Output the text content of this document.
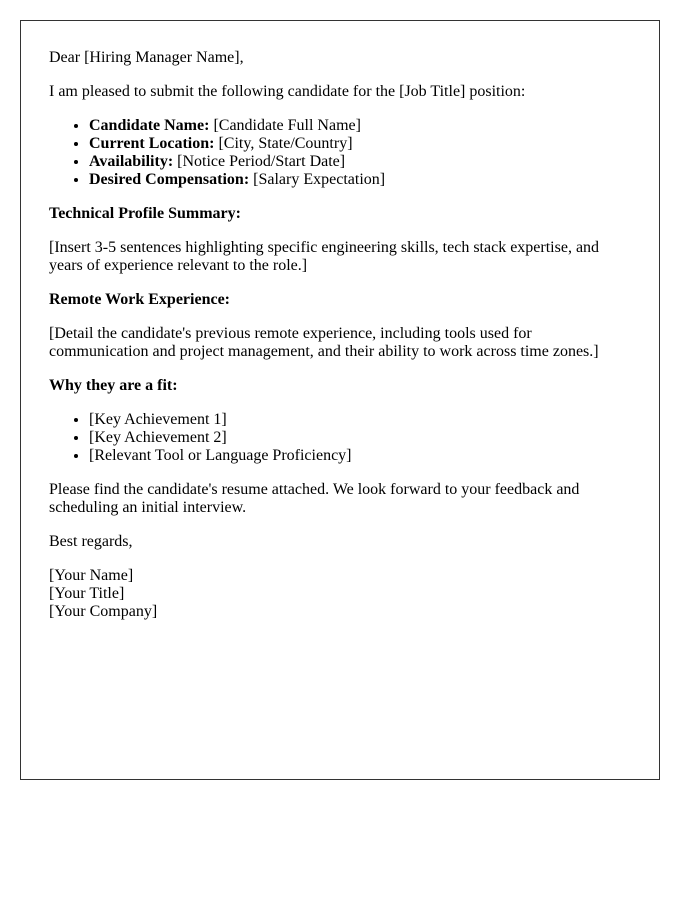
Dear [Hiring Manager Name],

I am pleased to submit the following candidate for the [Job Title] position:

• Candidate Name: [Candidate Full Name]
• Current Location: [City, State/Country]
• Availability: [Notice Period/Start Date]
• Desired Compensation: [Salary Expectation]

Technical Profile Summary:

[Insert 3-5 sentences highlighting specific engineering skills, tech stack expertise, and years of experience relevant to the role.]

Remote Work Experience:

[Detail the candidate's previous remote experience, including tools used for communication and project management, and their ability to work across time zones.]

Why they are a fit:

• [Key Achievement 1]
• [Key Achievement 2]
• [Relevant Tool or Language Proficiency]

Please find the candidate's resume attached. We look forward to your feedback and scheduling an initial interview.

Best regards,

[Your Name]

[Your Title]

[Your Company]
